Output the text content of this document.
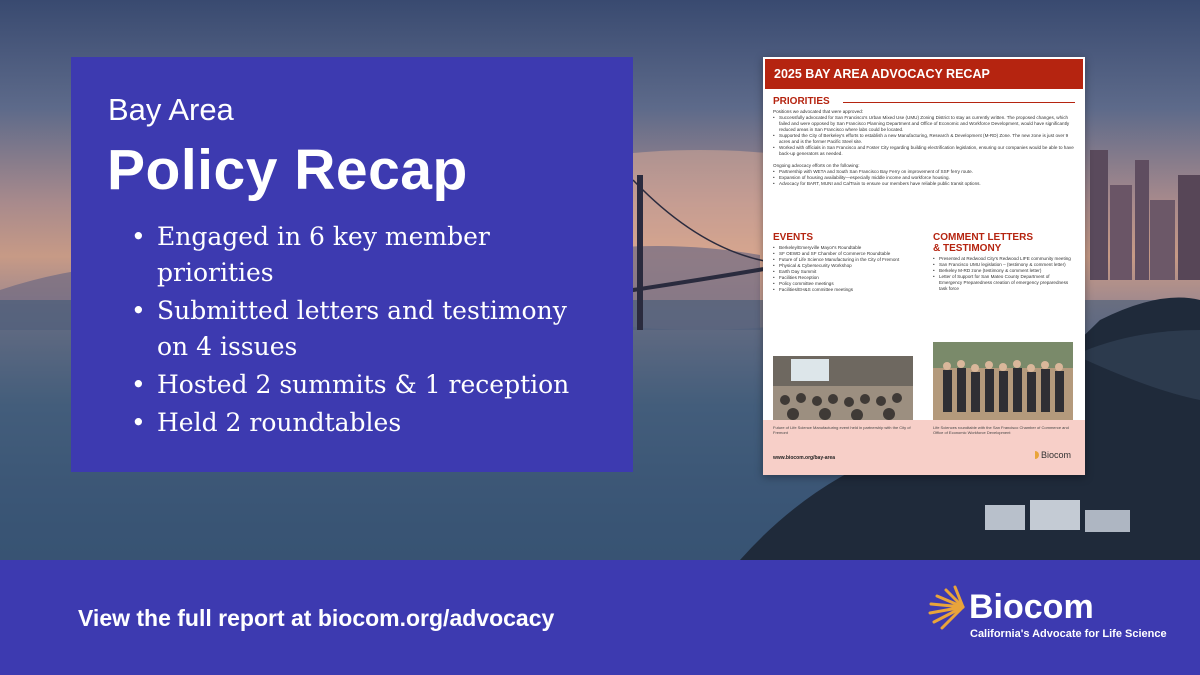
Bay Area
Policy Recap
• Engaged in 6 key member priorities
• Submitted letters and testimony on 4 issues
• Hosted 2 summits & 1 reception
• Held 2 roundtables
2025 BAY AREA ADVOCACY RECAP
PRIORITIES
Positions we advocated that were approved:
• Successfully advocated for San Francisco's Urban Mixed Use (UMU) Zoning District to stay as currently written. The proposed changes, which failed and were opposed by San Francisco Planning Department and Office of Economic and Workforce Development, would have significantly reduced areas in San Francisco where labs could be located.
• Supported the City of Berkeley's efforts to establish a new Manufacturing, Research & Development (M-RD) Zone. The new zone is just over 9 acres and is the former Pacific Steel site.
• Worked with officials in San Francisco and Foster City regarding building electrification legislation, ensuring our companies would be able to have back-up generators as needed.
Ongoing advocacy efforts on the following:
• Partnership with WETA and South San Francisco Bay Ferry on improvement of SSF ferry route.
• Expansion of housing availability—especially middle income and workforce housing.
• Advocacy for BART, MUNI and CalTrain to ensure our members have reliable public transit options.
EVENTS
• Berkeley/Emeryville Mayor's Roundtable
• SF OEWD and SF Chamber of Commerce Roundtable
• Future of Life Science Manufacturing in the City of Fremont
• Physical & Cybersecurity Workshop
• Earth Day Summit
• Facilities Reception
• Policy committee meetings
• Facilities/EH&S committee meetings
COMMENT LETTERS
& TESTIMONY
• Presented at Redwood City's Redwood LIFE community meeting
• San Francisco UMU legislation – (testimony & comment letter)
• Berkeley M-RD zone (testimony & comment letter)
• Letter of Support for San Mateo County Department of Emergency Preparedness creation of emergency preparedness task force
Future of Life Science Manufacturing event held in partnership with the City of Fremont
Life Sciences roundtable with the San Francisco Chamber of Commerce and Office of Economic Workforce Development
www.biocom.org/bay-area	Biocom
View the full report at biocom.org/advocacy	Biocom
California's Advocate for Life Science
